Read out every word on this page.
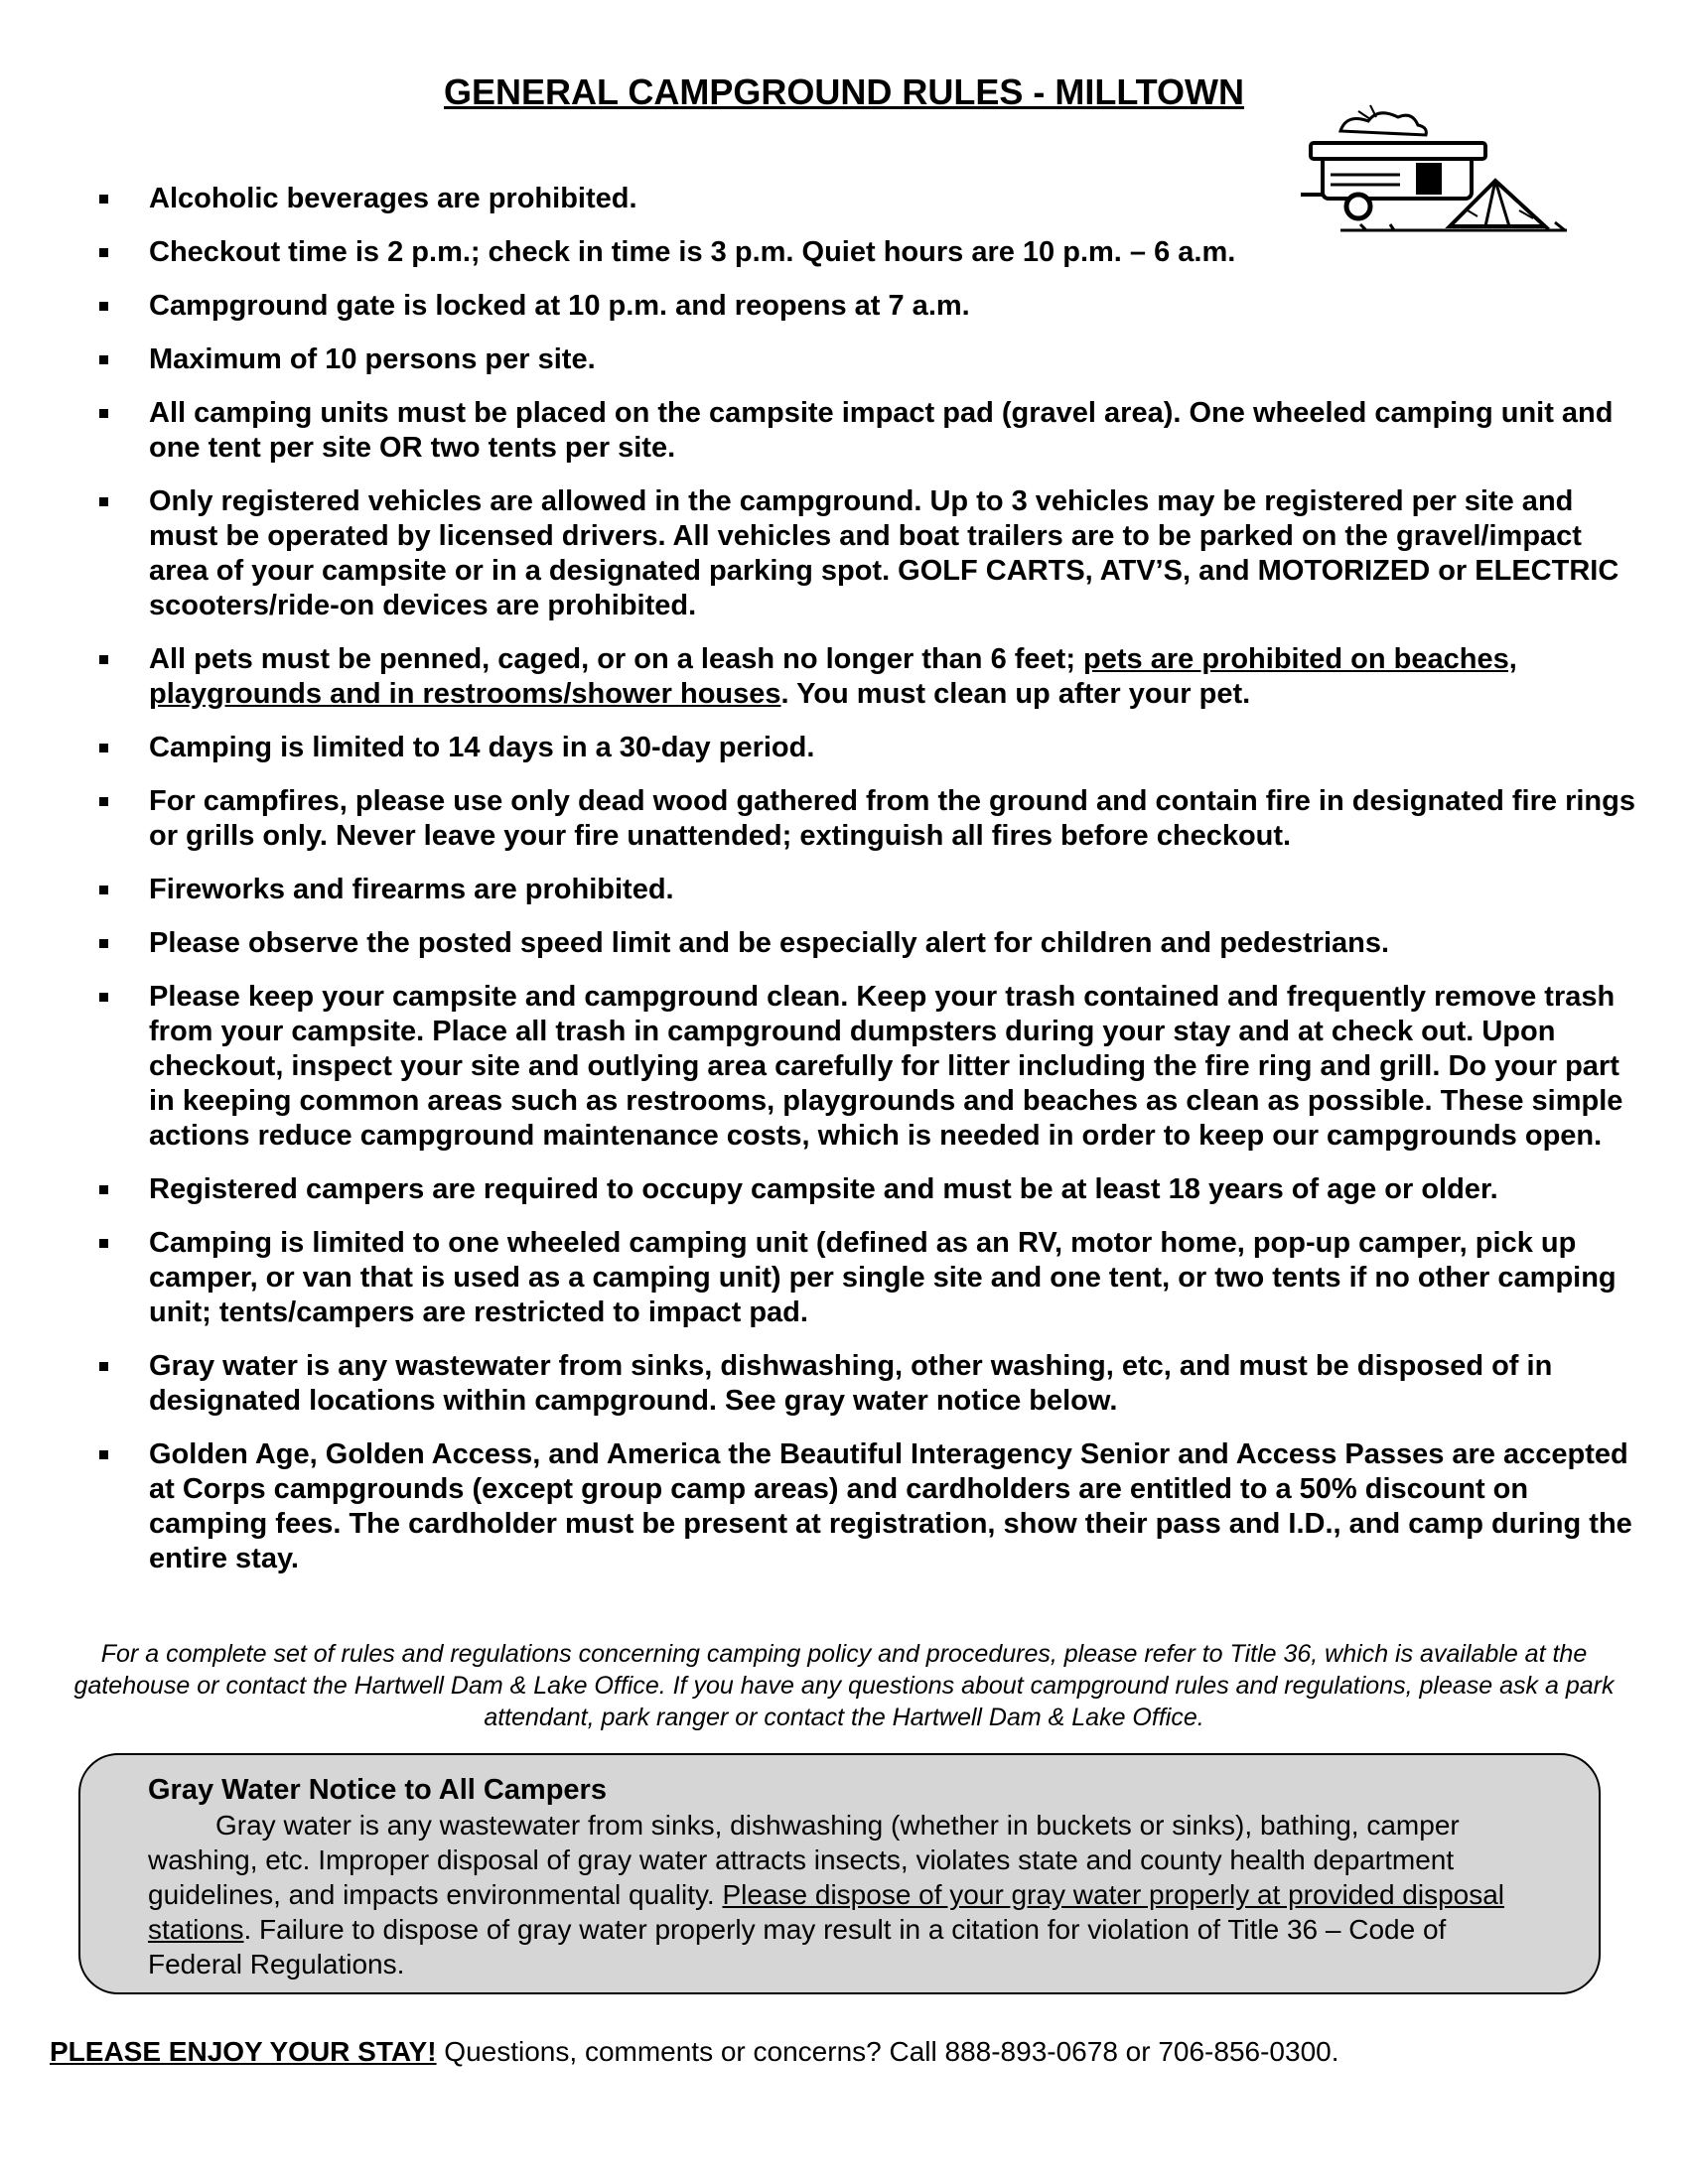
GENERAL CAMPGROUND RULES - MILLTOWN
Alcoholic beverages are prohibited.
Checkout time is 2 p.m.; check in time is 3 p.m. Quiet hours are 10 p.m. – 6 a.m.
Campground gate is locked at 10 p.m. and reopens at 7 a.m.
Maximum of 10 persons per site.
All camping units must be placed on the campsite impact pad (gravel area). One wheeled camping unit and one tent per site OR two tents per site.
Only registered vehicles are allowed in the campground. Up to 3 vehicles may be registered per site and must be operated by licensed drivers. All vehicles and boat trailers are to be parked on the gravel/impact area of your campsite or in a designated parking spot. GOLF CARTS, ATV’S, and MOTORIZED or ELECTRIC scooters/ride-on devices are prohibited.
All pets must be penned, caged, or on a leash no longer than 6 feet; pets are prohibited on beaches, playgrounds and in restrooms/shower houses. You must clean up after your pet.
Camping is limited to 14 days in a 30-day period.
For campfires, please use only dead wood gathered from the ground and contain fire in designated fire rings or grills only. Never leave your fire unattended; extinguish all fires before checkout.
Fireworks and firearms are prohibited.
Please observe the posted speed limit and be especially alert for children and pedestrians.
Please keep your campsite and campground clean. Keep your trash contained and frequently remove trash from your campsite. Place all trash in campground dumpsters during your stay and at check out. Upon checkout, inspect your site and outlying area carefully for litter including the fire ring and grill. Do your part in keeping common areas such as restrooms, playgrounds and beaches as clean as possible. These simple actions reduce campground maintenance costs, which is needed in order to keep our campgrounds open.
Registered campers are required to occupy campsite and must be at least 18 years of age or older.
Camping is limited to one wheeled camping unit (defined as an RV, motor home, pop-up camper, pick up camper, or van that is used as a camping unit) per single site and one tent, or two tents if no other camping unit; tents/campers are restricted to impact pad.
Gray water is any wastewater from sinks, dishwashing, other washing, etc, and must be disposed of in designated locations within campground. See gray water notice below.
Golden Age, Golden Access, and America the Beautiful Interagency Senior and Access Passes are accepted at Corps campgrounds (except group camp areas) and cardholders are entitled to a 50% discount on camping fees. The cardholder must be present at registration, show their pass and I.D., and camp during the entire stay.

For a complete set of rules and regulations concerning camping policy and procedures, please refer to Title 36, which is available at the gatehouse or contact the Hartwell Dam & Lake Office. If you have any questions about campground rules and regulations, please ask a park attendant, park ranger or contact the Hartwell Dam & Lake Office.

Gray Water Notice to All Campers
Gray water is any wastewater from sinks, dishwashing (whether in buckets or sinks), bathing, camper washing, etc. Improper disposal of gray water attracts insects, violates state and county health department guidelines, and impacts environmental quality. Please dispose of your gray water properly at provided disposal stations. Failure to dispose of gray water properly may result in a citation for violation of Title 36 – Code of Federal Regulations.
PLEASE ENJOY YOUR STAY! Questions, comments or concerns? Call 888-893-0678 or 706-856-0300.
